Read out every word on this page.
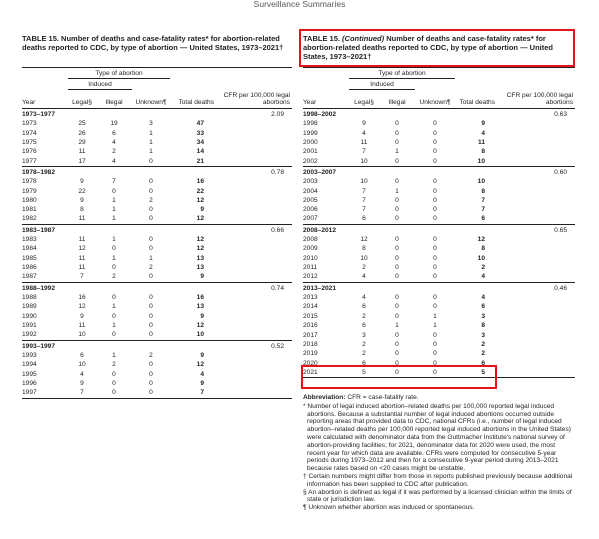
Surveillance Summaries
TABLE 15. Number of deaths and case-fatality rates* for abortion-related deaths reported to CDC, by type of abortion — United States, 1973–2021†
	Type of abortion				
	Induced				
Year	Legal§	Illegal	Unknown¶	Total deaths	CFR per 100,000 legal abortions
1973–1977					2.09
1973	25	19	3	47	
1974	26	6	1	33	
1975	29	4	1	34	
1976	11	2	1	14	
1977	17	4	0	21	
1978–1982					0.78
1978	9	7	0	16	
1979	22	0	0	22	
1980	9	1	2	12	
1981	8	1	0	9	
1982	11	1	0	12	
1983–1987					0.66
1983	11	1	0	12	
1984	12	0	0	12	
1985	11	1	1	13	
1986	11	0	2	13	
1987	7	2	0	9	
1988–1992					0.74
1988	16	0	0	16	
1989	12	1	0	13	
1990	9	0	0	9	
1991	11	1	0	12	
1992	10	0	0	10	
1993–1997					0.52
1993	6	1	2	9	
1994	10	2	0	12	
1995	4	0	0	4	
1996	9	0	0	9	
1997	7	0	0	7	
TABLE 15. (Continued) Number of deaths and case-fatality rates* for abortion-related deaths reported to CDC, by type of abortion — United States, 1973–2021†
	Type of abortion				
	Induced				
Year	Legal§	Illegal	Unknown¶	Total deaths	CFR per 100,000 legal abortions
1998–2002					0.63
1998	9	0	0	9	
1999	4	0	0	4	
2000	11	0	0	11	
2001	7	1	0	8	
2002	10	0	0	10	
2003–2007					0.60
2003	10	0	0	10	
2004	7	1	0	8	
2005	7	0	0	7	
2006	7	0	0	7	
2007	6	0	0	6	
2008–2012					0.65
2008	12	0	0	12	
2009	8	0	0	8	
2010	10	0	0	10	
2011	2	0	0	2	
2012	4	0	0	4	
2013–2021					0.46
2013	4	0	0	4	
2014	6	0	0	6	
2015	2	0	1	3	
2016	6	1	1	8	
2017	3	0	0	3	
2018	2	0	0	2	
2019	2	0	0	2	
2020	6	0	0	6	
2021	5	0	0	5	

Abbreviation: CFR = case-fatality rate.

* Number of legal induced abortion–related deaths per 100,000 reported legal induced abortions. Because a substantial number of legal induced abortions occurred outside reporting areas that provided data to CDC, national CFRs (i.e., number of legal induced abortion–related deaths per 100,000 reported legal induced abortions in the United States) were calculated with denominator data from the Guttmacher Institute's national survey of abortion-providing facilities; for 2021, denominator data for 2020 were used, the most recent year for which data are available. CFRs were computed for consecutive 5-year periods during 1973–2012 and then for a consecutive 9-year period during 2013–2021 because rates based on <20 cases might be unstable.

† Certain numbers might differ from those in reports published previously because additional information has been supplied to CDC after publication.

§ An abortion is defined as legal if it was performed by a licensed clinician within the limits of state or jurisdiction law.

¶ Unknown whether abortion was induced or spontaneous.
